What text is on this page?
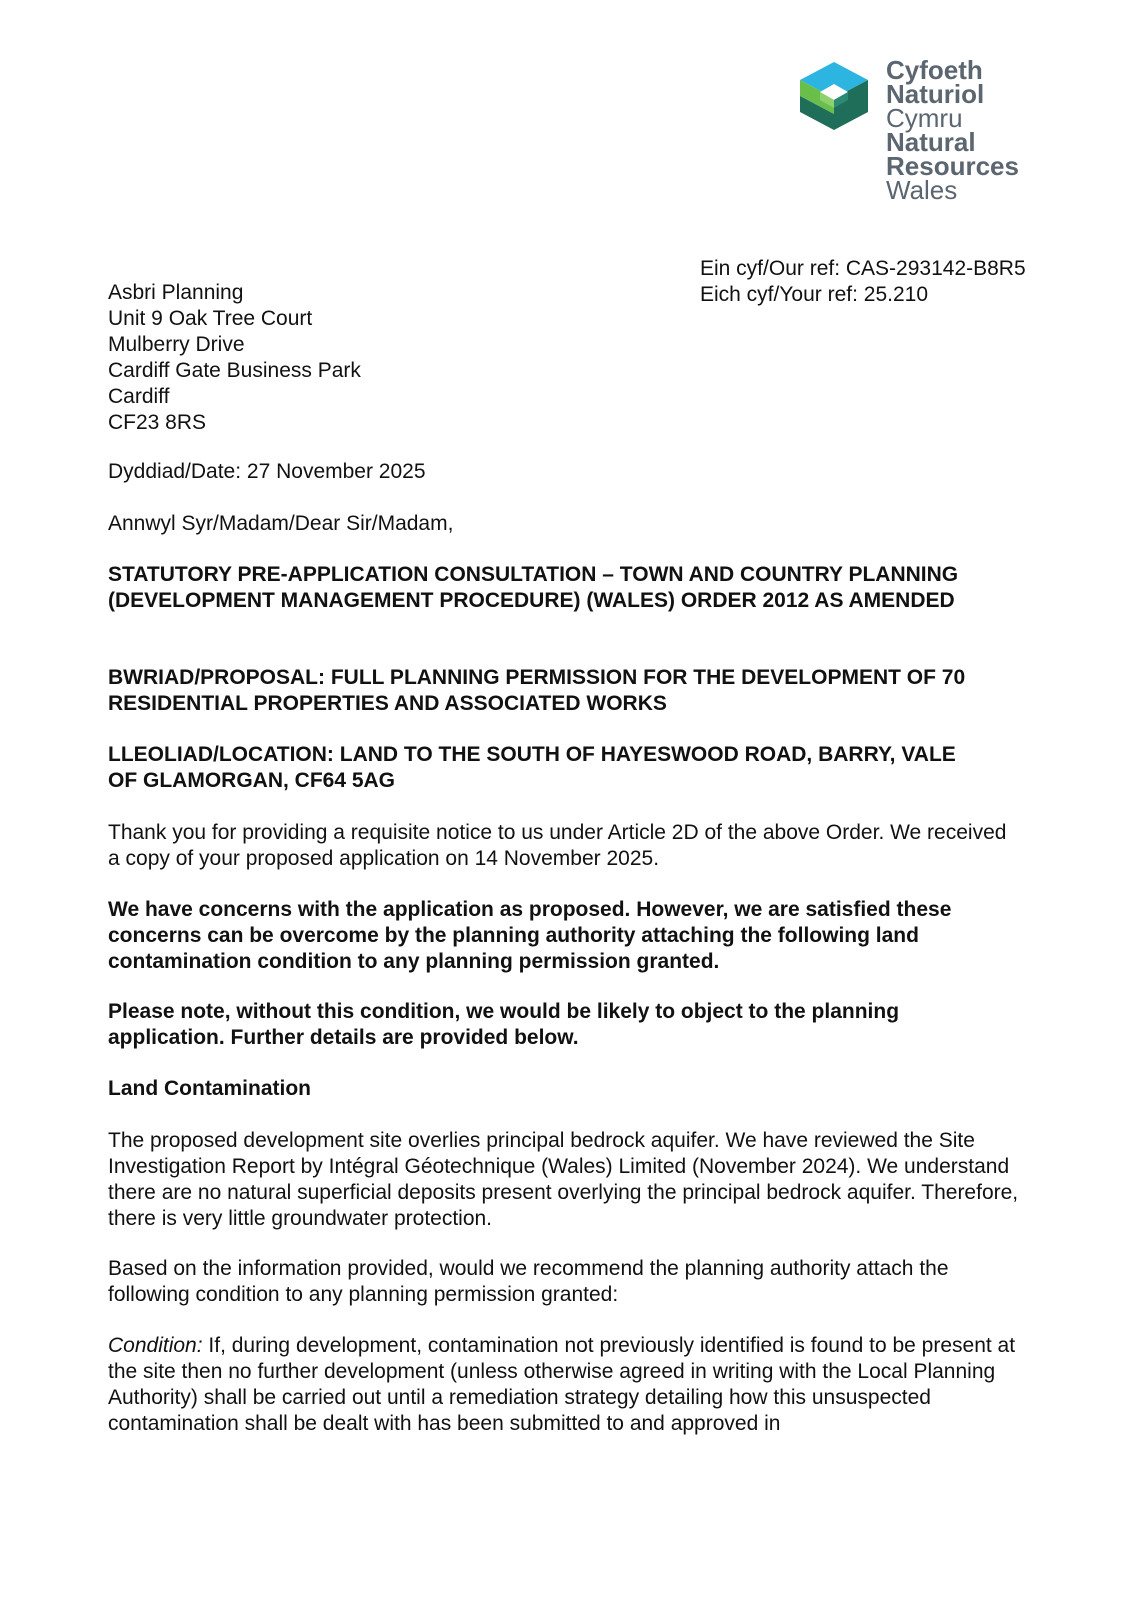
Cyfoeth
Naturiol
Cymru
Natural
Resources
Wales
Ein cyf/Our ref: CAS-293142-B8R5
Eich cyf/Your ref: 25.210
Asbri Planning
Unit 9 Oak Tree Court
Mulberry Drive
Cardiff Gate Business Park
Cardiff
CF23 8RS
Dyddiad/Date: 27 November 2025
Annwyl Syr/Madam/Dear Sir/Madam,
STATUTORY PRE-APPLICATION CONSULTATION – TOWN AND COUNTRY PLANNING (DEVELOPMENT MANAGEMENT PROCEDURE) (WALES) ORDER 2012 AS AMENDED
BWRIAD/PROPOSAL: FULL PLANNING PERMISSION FOR THE DEVELOPMENT OF 70 RESIDENTIAL PROPERTIES AND ASSOCIATED WORKS
LLEOLIAD/LOCATION: LAND TO THE SOUTH OF HAYESWOOD ROAD, BARRY, VALE OF GLAMORGAN, CF64 5AG
Thank you for providing a requisite notice to us under Article 2D of the above Order. We received a copy of your proposed application on 14 November 2025.
We have concerns with the application as proposed. However, we are satisfied these concerns can be overcome by the planning authority attaching the following land contamination condition to any planning permission granted.
Please note, without this condition, we would be likely to object to the planning application. Further details are provided below.
Land Contamination
The proposed development site overlies principal bedrock aquifer. We have reviewed the Site Investigation Report by Intégral Géotechnique (Wales) Limited (November 2024). We understand there are no natural superficial deposits present overlying the principal bedrock aquifer. Therefore, there is very little groundwater protection.
Based on the information provided, would we recommend the planning authority attach the following condition to any planning permission granted:
Condition: If, during development, contamination not previously identified is found to be present at the site then no further development (unless otherwise agreed in writing with the Local Planning Authority) shall be carried out until a remediation strategy detailing how this unsuspected contamination shall be dealt with has been submitted to and approved in
